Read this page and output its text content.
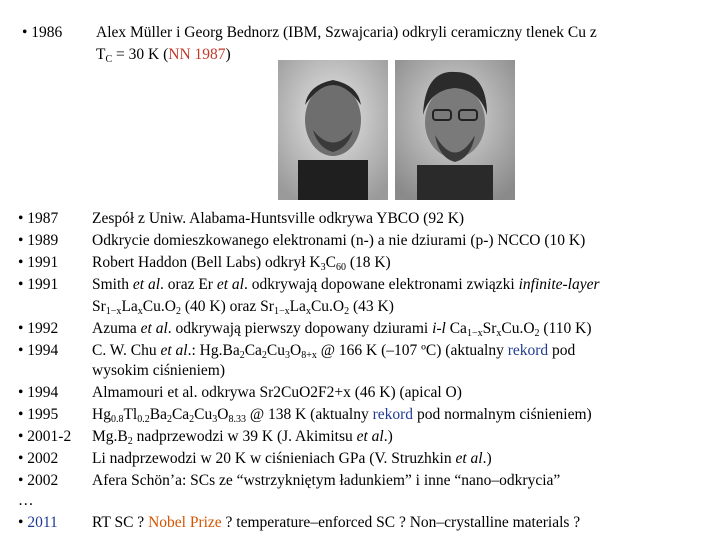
• 1986 Alex Müller i Georg Bednorz (IBM, Szwajcaria) odkryli ceramiczny tlenek Cu z
$T_C = 30$ K (NN 1987)
• 1987 Zespół z Uniw. Alabama-Huntsville odkrywa YBCO (92 K)
• 1989 Odkrycie domieszkowanego elektronami (n-) a nie dziurami (p-) NCCO (10 K)
• 1991 Robert Haddon (Bell Labs) odkrył $K_3C_{60}$ (18 K)
• 1991 Smith et al. oraz Er et al. odkrywają dopowane elektronami związki infinite-layer
$Sr_{1-x}La_xCu.O_2$ (40 K) oraz $Sr_{1-x}La_xCu.O_2$ (43 K)
• 1992 Azuma et al. odkrywają pierwszy dopowany dziurami i-l $Ca_{1-x}Sr_xCu.O_2$ (110 K)
• 1994 C. W. Chu et al.: $Hg.Ba_2Ca_2Cu_3O_{8+x}$ @ 166 K (–107 ºC) (aktualny rekord pod
wysokim ciśnieniem)
• 1994 Almamouri et al. odkrywa Sr2CuO2F2+x (46 K) (apical O)
• 1995 $Hg_{0.8}Tl_{0.2}Ba_2Ca_2Cu_3O_{8.33}$ @ 138 K (aktualny rekord pod normalnym ciśnieniem)
• 2001-2 $Mg.B_2$ nadprzewodzi w 39 K (J. Akimitsu et al.)
• 2002 Li nadprzewodzi w 20 K w ciśnieniach GPa (V. Struzhkin et al.)
• 2002 Afera Schön’a: SCs ze “wstrzykniętym ładunkiem” i inne “nano–odkrycia”
…
• 2011 RT SC ? Nobel Prize ? temperature–enforced SC ? Non–crystalline materials ?
